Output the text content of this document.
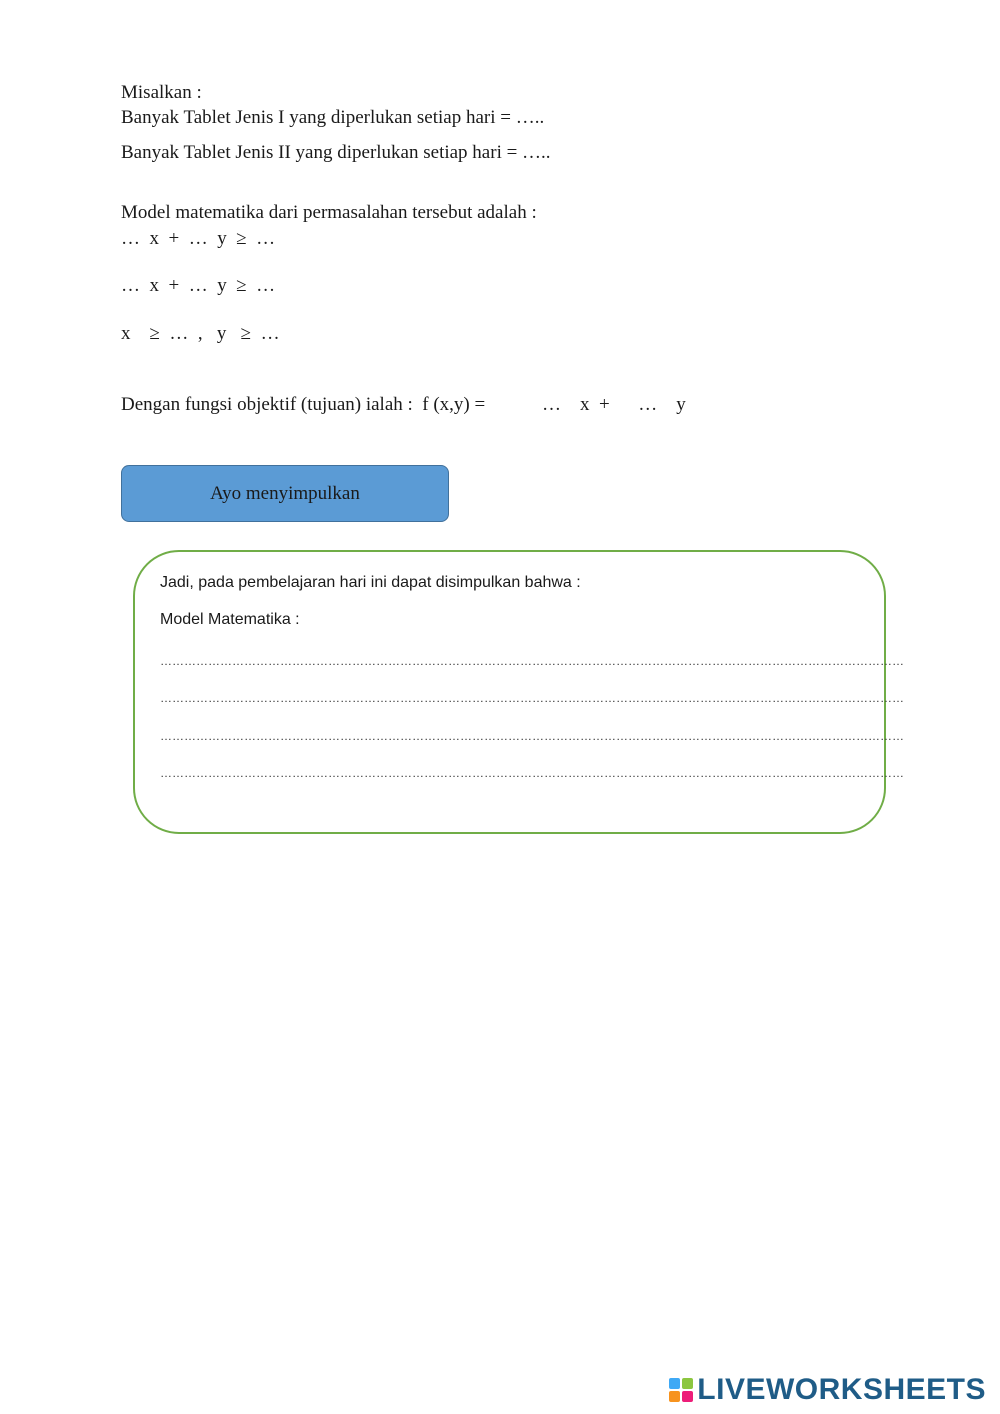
Misalkan :
Banyak Tablet Jenis I yang diperlukan setiap hari = …..
Banyak Tablet Jenis II yang diperlukan setiap hari = …..
Model matematika dari permasalahan tersebut adalah :
…  x  +  …  y  ≥  …
…  x  +  …  y  ≥  …
x    ≥  …  ,   y   ≥  …
Dengan fungsi objektif (tujuan) ialah :  f (x,y) =	…    x  +      …    y
Ayo menyimpulkan
Jadi, pada pembelajaran hari ini dapat disimpulkan bahwa :
Model Matematika :
……………………………………………………………………………………………………………………………………………………………………
……………………………………………………………………………………………………………………………………………………………………
……………………………………………………………………………………………………………………………………………………………………
……………………………………………………………………………………………………………………………………………………………………
LIVEWORKSHEETS
